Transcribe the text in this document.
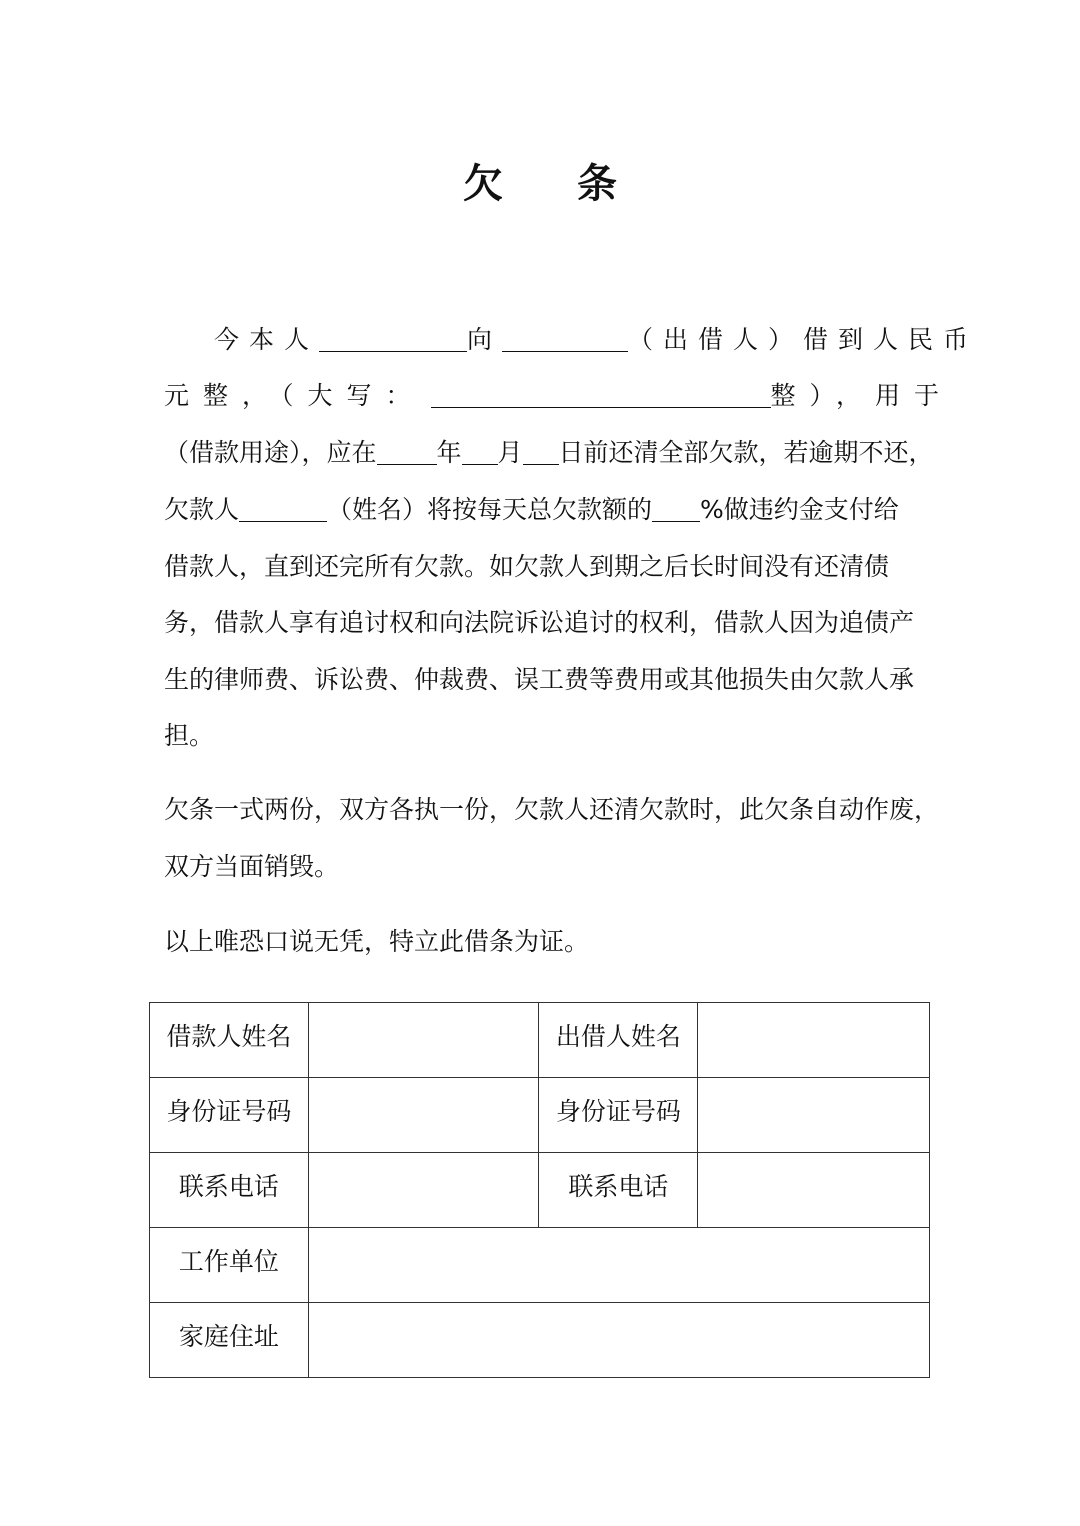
欠 条
今本人	向	（出借人）借到人民币
元整，（大写：	整），用于
（借款用途），应在 年 月 日前还清全部欠款，若逾期不还，
欠款人	（姓名）将按每天总欠款额的 %做违约金支付给
借款人，直到还完所有欠款。如欠款人到期之后长时间没有还清债
务，借款人享有追讨权和向法院诉讼追讨的权利，借款人因为追债产
生的律师费、诉讼费、仲裁费、误工费等费用或其他损失由欠款人承
担。
欠条一式两份，双方各执一份，欠款人还清欠款时，此欠条自动作废，
双方当面销毁。
以上唯恐口说无凭，特立此借条为证。
借款人姓名		出借人姓名	
身份证号码		身份证号码	
联系电话		联系电话	
工作单位			
家庭住址			
